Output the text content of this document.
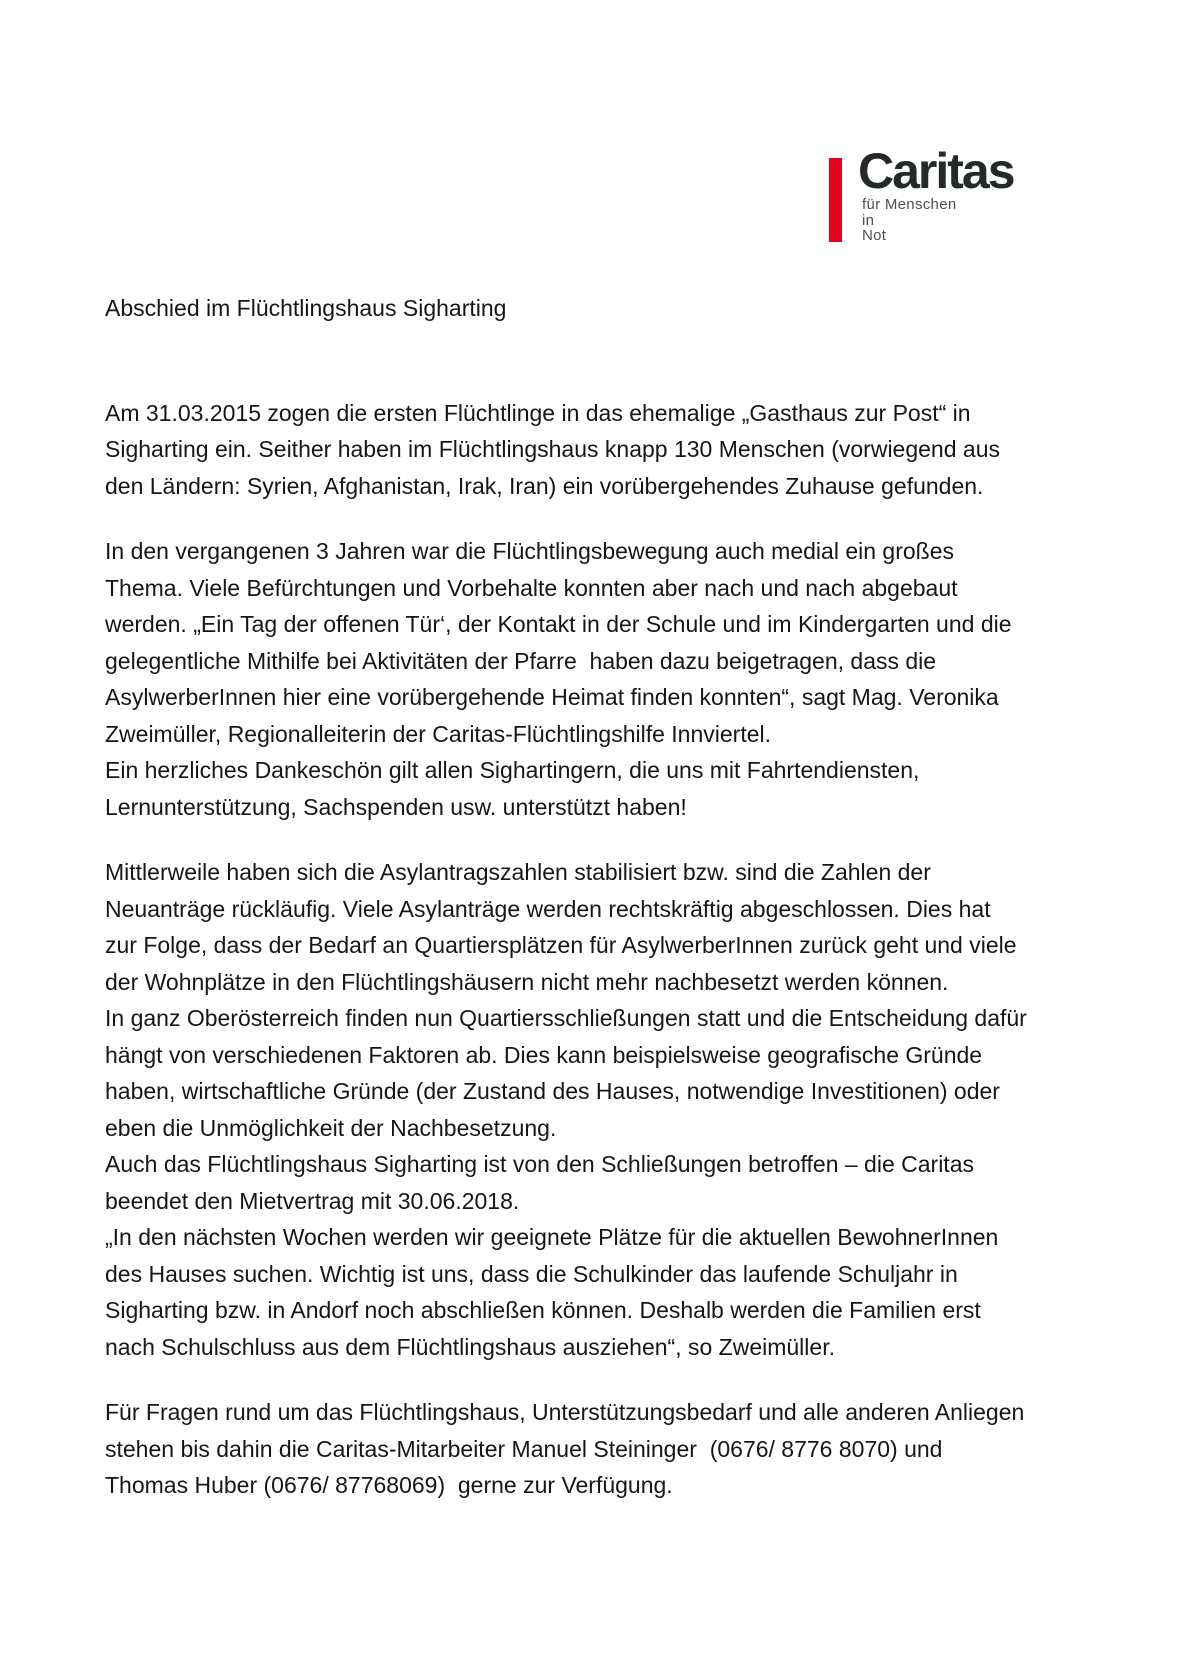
Caritas
für Menschen
in
Not
Abschied im Flüchtlingshaus Sigharting

Am 31.03.2015 zogen die ersten Flüchtlinge in das ehemalige „Gasthaus zur Post“ in
Sigharting ein. Seither haben im Flüchtlingshaus knapp 130 Menschen (vorwiegend aus
den Ländern: Syrien, Afghanistan, Irak, Iran) ein vorübergehendes Zuhause gefunden.

In den vergangenen 3 Jahren war die Flüchtlingsbewegung auch medial ein großes
Thema. Viele Befürchtungen und Vorbehalte konnten aber nach und nach abgebaut
werden. „Ein Tag der offenen Tür‘, der Kontakt in der Schule und im Kindergarten und die
gelegentliche Mithilfe bei Aktivitäten der Pfarre  haben dazu beigetragen, dass die
AsylwerberInnen hier eine vorübergehende Heimat finden konnten“, sagt Mag. Veronika
Zweimüller, Regionalleiterin der Caritas-Flüchtlingshilfe Innviertel.
Ein herzliches Dankeschön gilt allen Sighartingern, die uns mit Fahrtendiensten,
Lernunterstützung, Sachspenden usw. unterstützt haben!

Mittlerweile haben sich die Asylantragszahlen stabilisiert bzw. sind die Zahlen der
Neuanträge rückläufig. Viele Asylanträge werden rechtskräftig abgeschlossen. Dies hat
zur Folge, dass der Bedarf an Quartiersplätzen für AsylwerberInnen zurück geht und viele
der Wohnplätze in den Flüchtlingshäusern nicht mehr nachbesetzt werden können.
In ganz Oberösterreich finden nun Quartiersschließungen statt und die Entscheidung dafür
hängt von verschiedenen Faktoren ab. Dies kann beispielsweise geografische Gründe
haben, wirtschaftliche Gründe (der Zustand des Hauses, notwendige Investitionen) oder
eben die Unmöglichkeit der Nachbesetzung.
Auch das Flüchtlingshaus Sigharting ist von den Schließungen betroffen – die Caritas
beendet den Mietvertrag mit 30.06.2018.
„In den nächsten Wochen werden wir geeignete Plätze für die aktuellen BewohnerInnen
des Hauses suchen. Wichtig ist uns, dass die Schulkinder das laufende Schuljahr in
Sigharting bzw. in Andorf noch abschließen können. Deshalb werden die Familien erst
nach Schulschluss aus dem Flüchtlingshaus ausziehen“, so Zweimüller.

Für Fragen rund um das Flüchtlingshaus, Unterstützungsbedarf und alle anderen Anliegen
stehen bis dahin die Caritas-Mitarbeiter Manuel Steininger  (0676/ 8776 8070) und
Thomas Huber (0676/ 87768069)  gerne zur Verfügung.
